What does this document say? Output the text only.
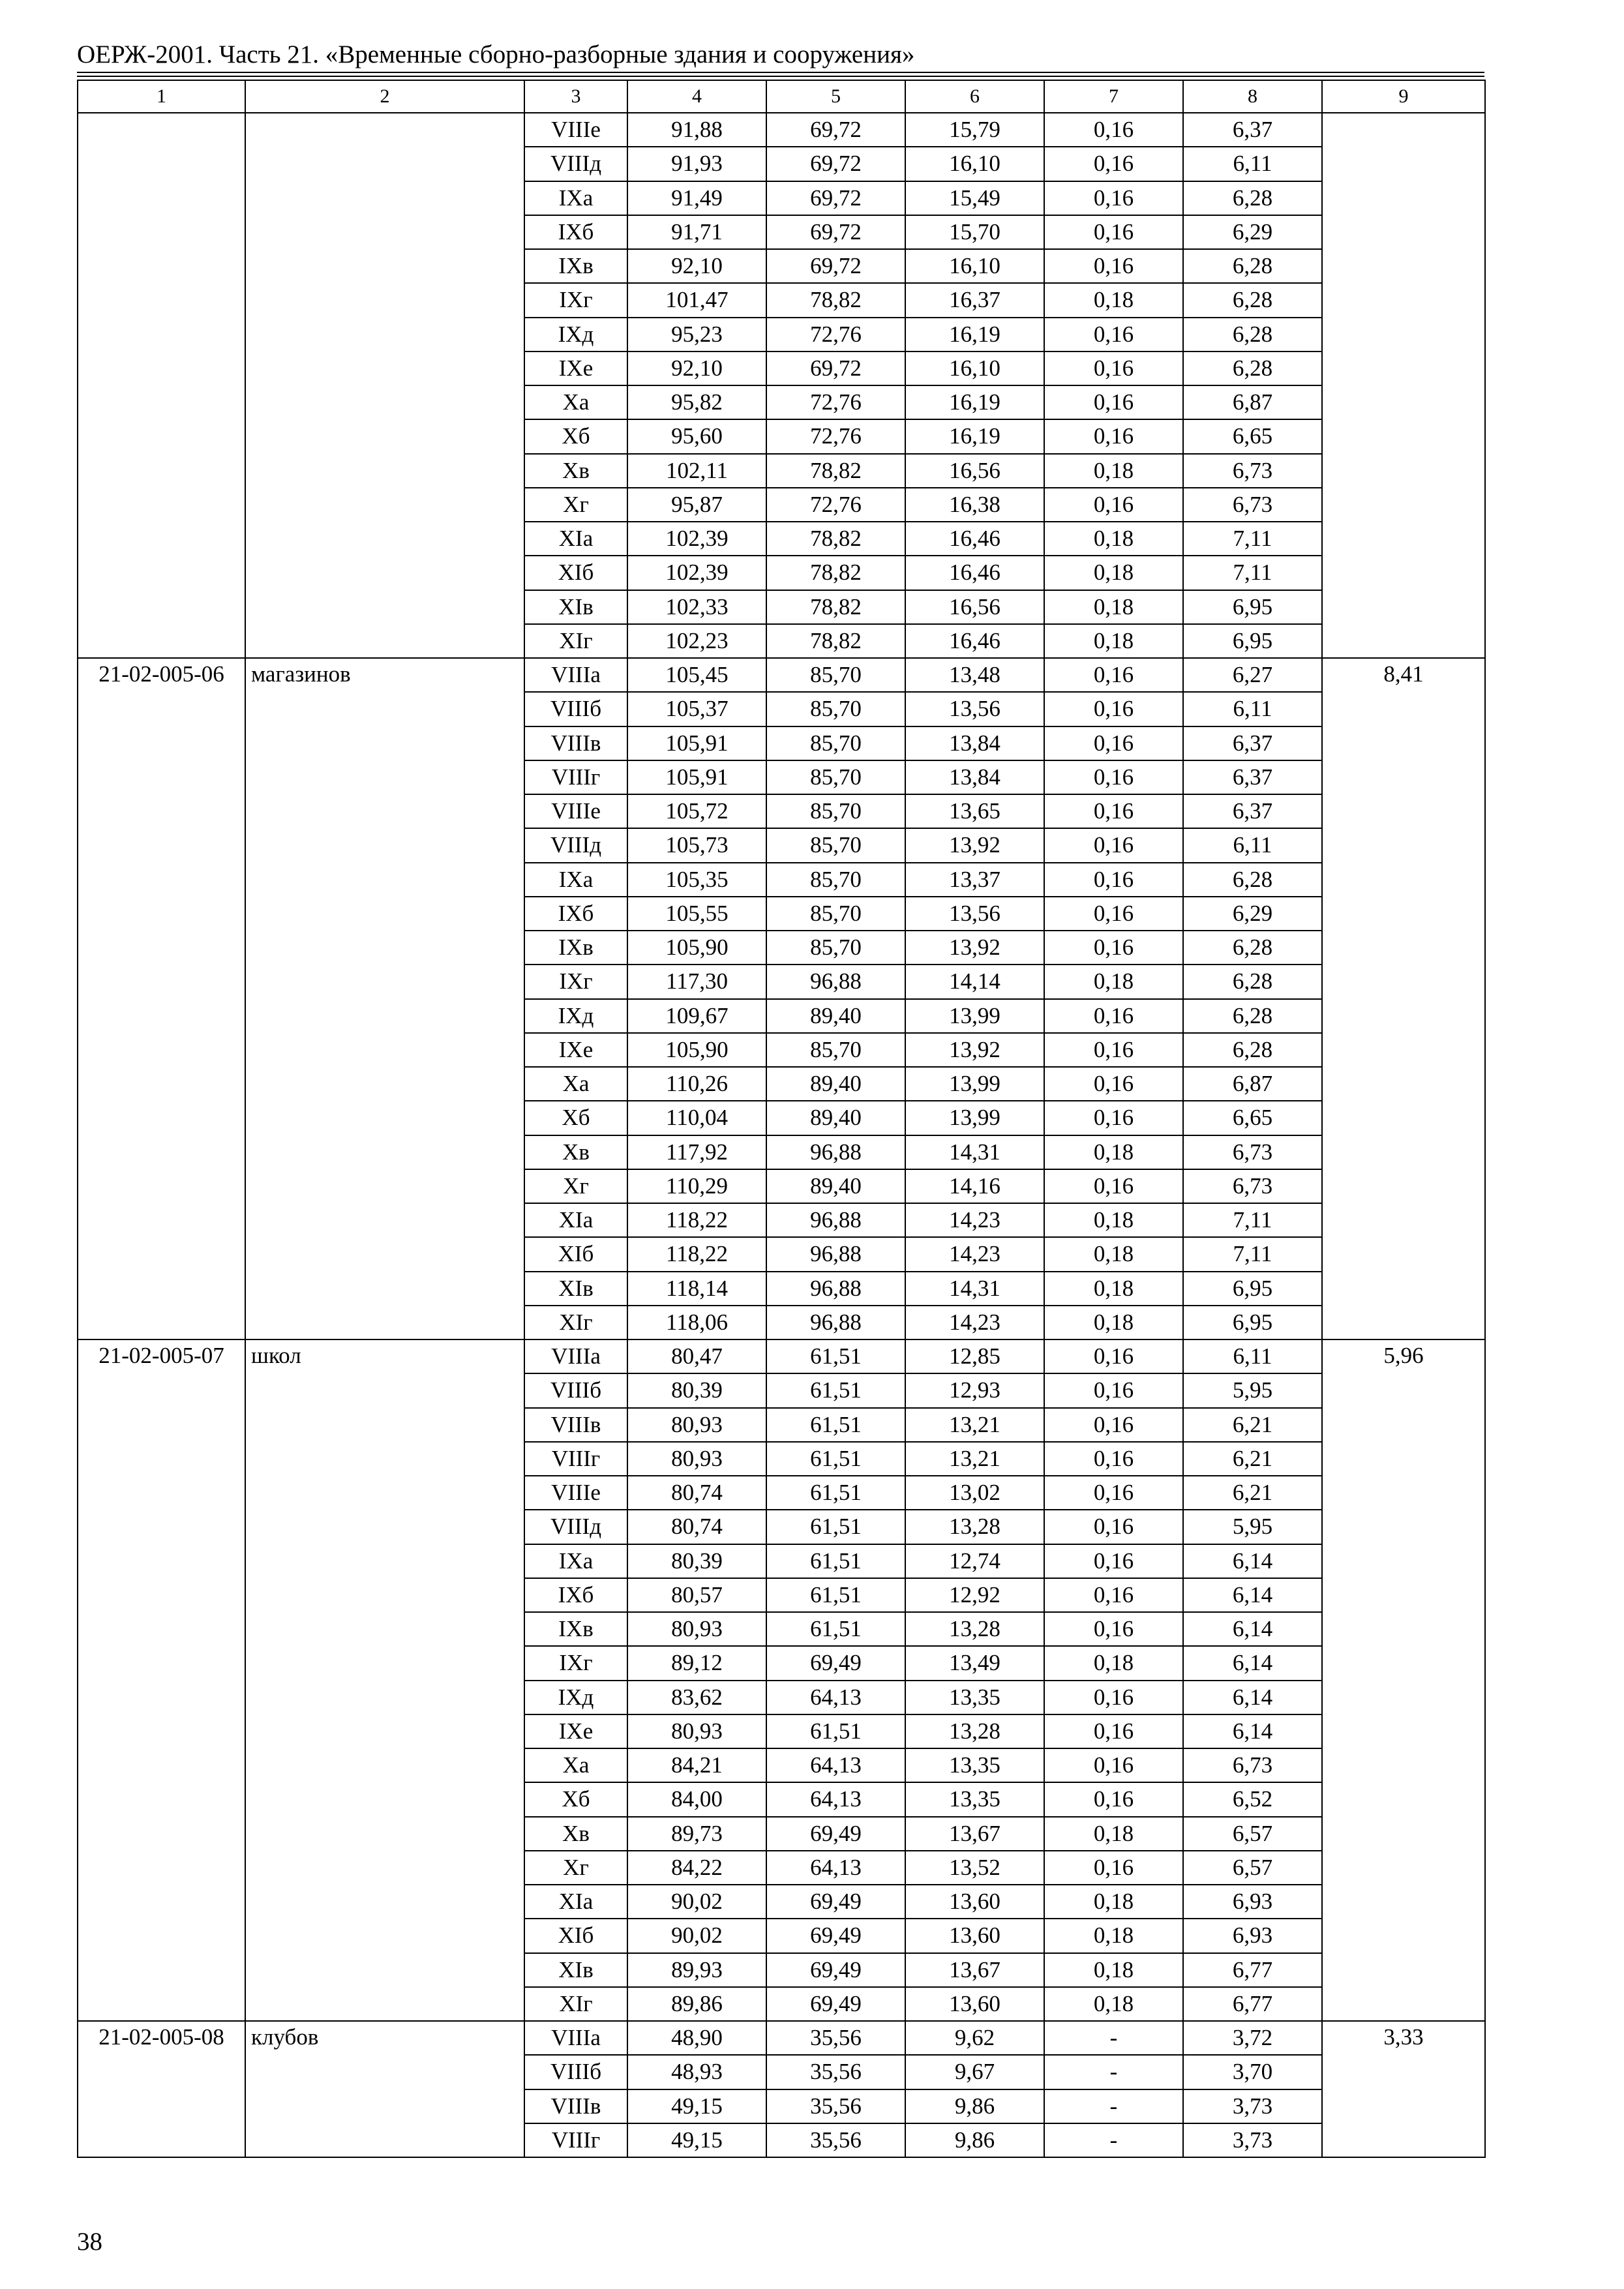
ОЕРЖ-2001. Часть 21. «Временные сборно-разборные здания и сооружения»
1	2	3	4	5	6	7	8	9
		VIIIе	91,88	69,72	15,79	0,16	6,37	
		VIIIд	91,93	69,72	16,10	0,16	6,11	
		IXа	91,49	69,72	15,49	0,16	6,28	
		IXб	91,71	69,72	15,70	0,16	6,29	
		IXв	92,10	69,72	16,10	0,16	6,28	
		IXг	101,47	78,82	16,37	0,18	6,28	
		IXд	95,23	72,76	16,19	0,16	6,28	
		IXе	92,10	69,72	16,10	0,16	6,28	
		Xа	95,82	72,76	16,19	0,16	6,87	
		Xб	95,60	72,76	16,19	0,16	6,65	
		Xв	102,11	78,82	16,56	0,18	6,73	
		Xг	95,87	72,76	16,38	0,16	6,73	
		XIа	102,39	78,82	16,46	0,18	7,11	
		XIб	102,39	78,82	16,46	0,18	7,11	
		XIв	102,33	78,82	16,56	0,18	6,95	
		XIг	102,23	78,82	16,46	0,18	6,95	
21-02-005-06	магазинов	VIIIа	105,45	85,70	13,48	0,16	6,27	8,41
		VIIIб	105,37	85,70	13,56	0,16	6,11	
		VIIIв	105,91	85,70	13,84	0,16	6,37	
		VIIIг	105,91	85,70	13,84	0,16	6,37	
		VIIIе	105,72	85,70	13,65	0,16	6,37	
		VIIIд	105,73	85,70	13,92	0,16	6,11	
		IXа	105,35	85,70	13,37	0,16	6,28	
		IXб	105,55	85,70	13,56	0,16	6,29	
		IXв	105,90	85,70	13,92	0,16	6,28	
		IXг	117,30	96,88	14,14	0,18	6,28	
		IXд	109,67	89,40	13,99	0,16	6,28	
		IXе	105,90	85,70	13,92	0,16	6,28	
		Xа	110,26	89,40	13,99	0,16	6,87	
		Xб	110,04	89,40	13,99	0,16	6,65	
		Xв	117,92	96,88	14,31	0,18	6,73	
		Xг	110,29	89,40	14,16	0,16	6,73	
		XIа	118,22	96,88	14,23	0,18	7,11	
		XIб	118,22	96,88	14,23	0,18	7,11	
		XIв	118,14	96,88	14,31	0,18	6,95	
		XIг	118,06	96,88	14,23	0,18	6,95	
21-02-005-07	школ	VIIIа	80,47	61,51	12,85	0,16	6,11	5,96
		VIIIб	80,39	61,51	12,93	0,16	5,95	
		VIIIв	80,93	61,51	13,21	0,16	6,21	
		VIIIг	80,93	61,51	13,21	0,16	6,21	
		VIIIе	80,74	61,51	13,02	0,16	6,21	
		VIIIд	80,74	61,51	13,28	0,16	5,95	
		IXа	80,39	61,51	12,74	0,16	6,14	
		IXб	80,57	61,51	12,92	0,16	6,14	
		IXв	80,93	61,51	13,28	0,16	6,14	
		IXг	89,12	69,49	13,49	0,18	6,14	
		IXд	83,62	64,13	13,35	0,16	6,14	
		IXе	80,93	61,51	13,28	0,16	6,14	
		Xа	84,21	64,13	13,35	0,16	6,73	
		Xб	84,00	64,13	13,35	0,16	6,52	
		Xв	89,73	69,49	13,67	0,18	6,57	
		Xг	84,22	64,13	13,52	0,16	6,57	
		XIа	90,02	69,49	13,60	0,18	6,93	
		XIб	90,02	69,49	13,60	0,18	6,93	
		XIв	89,93	69,49	13,67	0,18	6,77	
		XIг	89,86	69,49	13,60	0,18	6,77	
21-02-005-08	клубов	VIIIа	48,90	35,56	9,62	-	3,72	3,33
		VIIIб	48,93	35,56	9,67	-	3,70	
		VIIIв	49,15	35,56	9,86	-	3,73	
		VIIIг	49,15	35,56	9,86	-	3,73	
38
